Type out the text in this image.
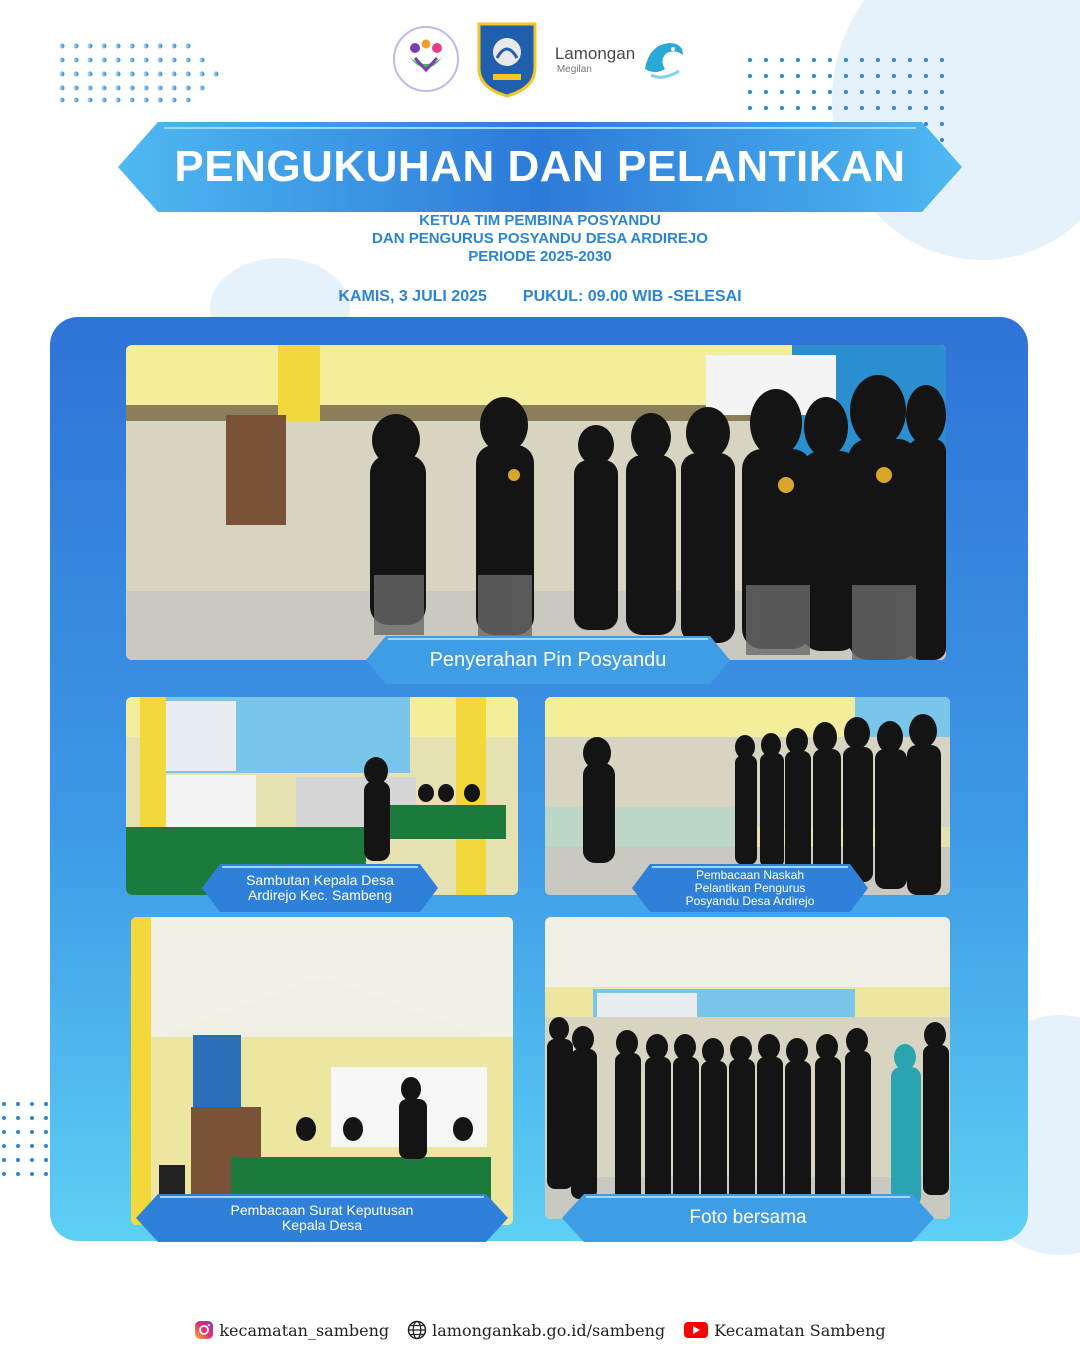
Lamongan
Megilan
PENGUKUHAN DAN PELANTIKAN
KETUA TIM PEMBINA POSYANDU
DAN PENGURUS POSYANDU DESA ARDIREJO
PERIODE 2025-2030
KAMIS, 3 JULI 2025 PUKUL: 09.00 WIB -SELESAI
Penyerahan Pin Posyandu
Sambutan Kepala Desa
Ardirejo Kec. Sambeng
Pembacaan Naskah
Pelantikan Pengurus
Posyandu Desa Ardirejo
Pembacaan Surat Keputusan
Kepala Desa	Foto bersama
kecamatan_sambeng	lamongankab.go.id/sambeng	Kecamatan Sambeng
